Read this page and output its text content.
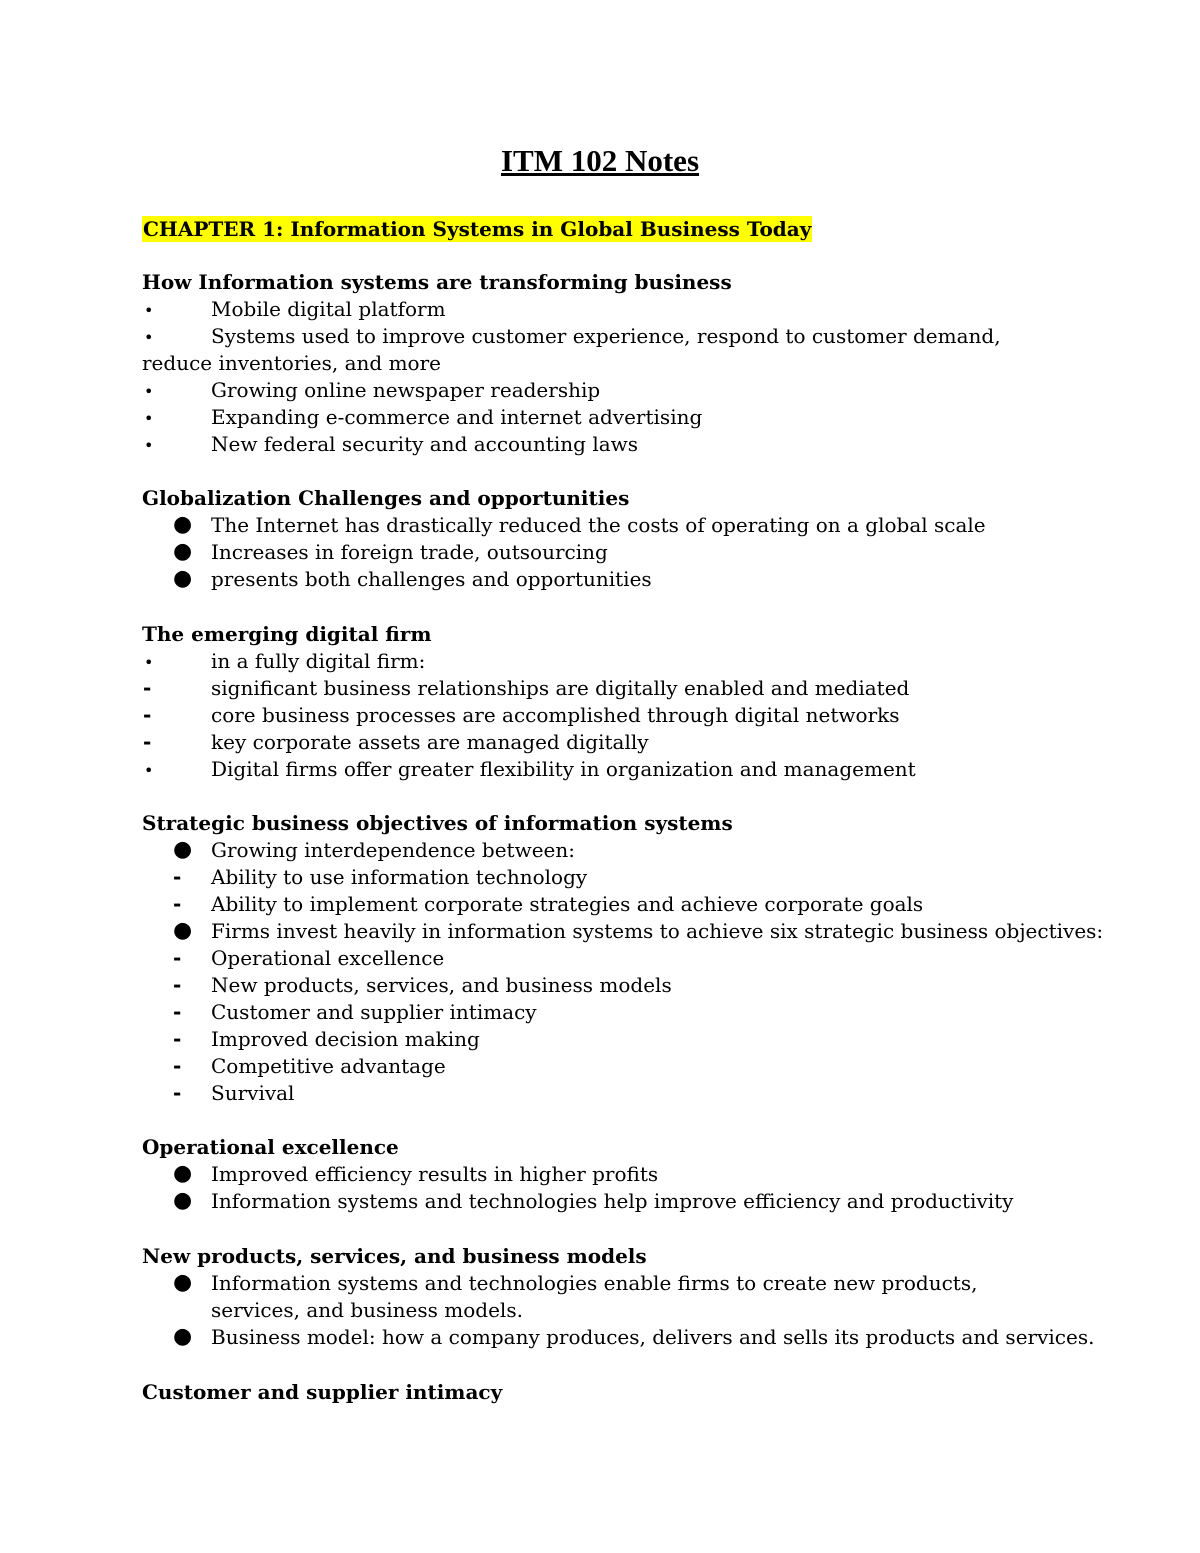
ITM 102 Notes
CHAPTER 1: Information Systems in Global Business Today
How Information systems are transforming business
•	Mobile digital platform
•	Systems used to improve customer experience, respond to customer demand, reduce inventories, and more
•	Growing online newspaper readership
•	Expanding e-commerce and internet advertising
•	New federal security and accounting laws
Globalization Challenges and opportunities
● The Internet has drastically reduced the costs of operating on a global scale
● Increases in foreign trade, outsourcing
● presents both challenges and opportunities
The emerging digital firm
•	in a fully digital firm:
-	significant business relationships are digitally enabled and mediated
-	core business processes are accomplished through digital networks
-	key corporate assets are managed digitally
•	Digital firms offer greater flexibility in organization and management
Strategic business objectives of information systems
● Growing interdependence between:
-	Ability to use information technology
-	Ability to implement corporate strategies and achieve corporate goals
● Firms invest heavily in information systems to achieve six strategic business objectives:
-	Operational excellence
-	New products, services, and business models
-	Customer and supplier intimacy
-	Improved decision making
-	Competitive advantage
-	Survival
Operational excellence
● Improved efficiency results in higher profits
● Information systems and technologies help improve efficiency and productivity
New products, services, and business models
● Information systems and technologies enable firms to create new products, services, and business models.
● Business model: how a company produces, delivers and sells its products and services.
Customer and supplier intimacy
